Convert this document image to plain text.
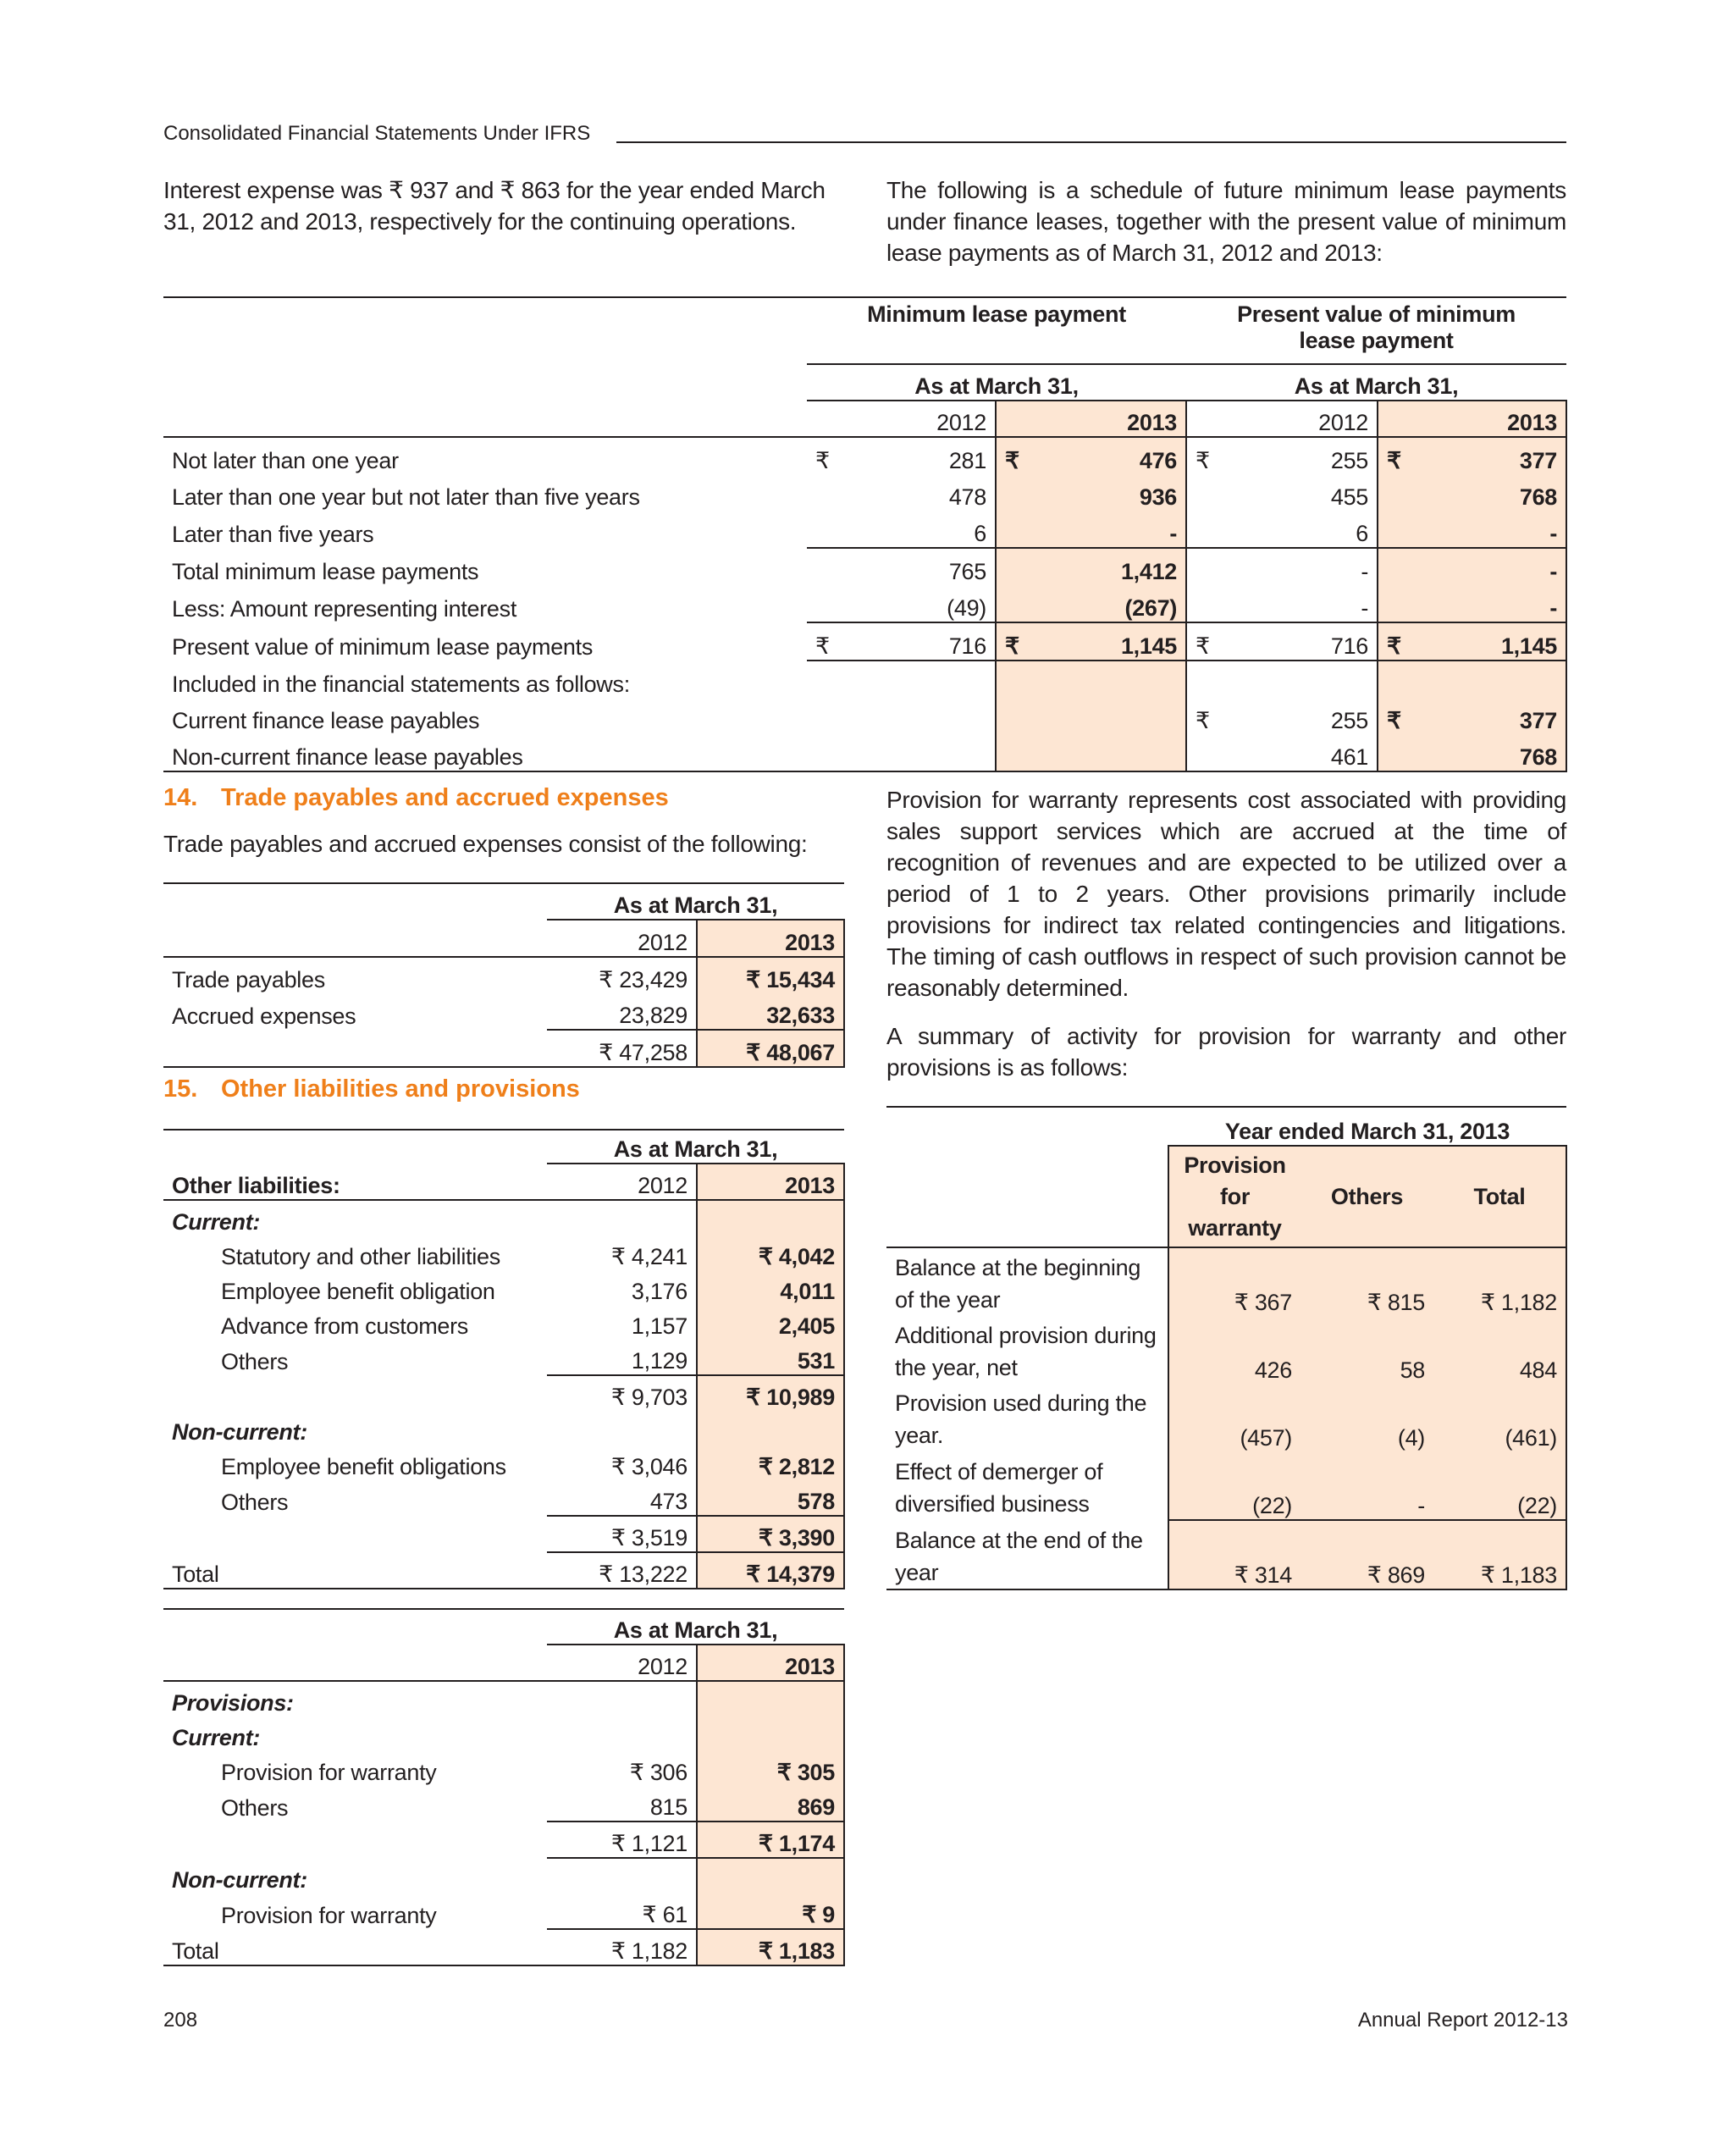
Consolidated Financial Statements Under IFRS
Interest expense was ₹ 937 and ₹ 863 for the year ended March 31, 2012 and 2013, respectively for the continuing operations.
The following is a schedule of future minimum lease payments under finance leases, together with the present value of minimum lease payments as of March 31, 2012 and 2013:
	Minimum lease payment		Present value of minimum lease payment	
	As at March 31,		As at March 31,	
	2012	2013	2012	2013
Not later than one year	₹ 281	₹ 476	₹ 255	₹ 377
Later than one year but not later than five years	478	936	455	768
Later than five years	6	-	6	-
Total minimum lease payments	765	1,412	-	-
Less: Amount representing interest	(49)	(267)	-	-
Present value of minimum lease payments	₹ 716	₹ 1,145	₹ 716	₹ 1,145
Included in the financial statements as follows:				
Current finance lease payables			₹ 255	₹ 377
Non-current finance lease payables			461	768
14. Trade payables and accrued expenses
Trade payables and accrued expenses consist of the following:
	As at March 31,	
	2012	2013
Trade payables	₹ 23,429	₹ 15,434
Accrued expenses	23,829	32,633
	₹ 47,258	₹ 48,067
15. Other liabilities and provisions
	As at March 31,	
Other liabilities:	2012	2013
Current:		
Statutory and other liabilities	₹ 4,241	₹ 4,042
Employee benefit obligation	3,176	4,011
Advance from customers	1,157	2,405
Others	1,129	531
	₹ 9,703	₹ 10,989
Non-current:		
Employee benefit obligations	₹ 3,046	₹ 2,812
Others	473	578
	₹ 3,519	₹ 3,390
Total	₹ 13,222	₹ 14,379
	As at March 31,	
	2012	2013
Provisions:		
Current:		
Provision for warranty	₹ 306	₹ 305
Others	815	869
	₹ 1,121	₹ 1,174
Non-current:		
Provision for warranty	₹ 61	₹ 9
Total	₹ 1,182	₹ 1,183
Provision for warranty represents cost associated with providing sales support services which are accrued at the time of recognition of revenues and are expected to be utilized over a period of 1 to 2 years. Other provisions primarily include provisions for indirect tax related contingencies and litigations. The timing of cash outflows in respect of such provision cannot be reasonably determined.
A summary of activity for provision for warranty and other provisions is as follows:
	Year ended March 31, 2013		
	Provision for warranty	Others	Total
Balance at the beginning of the year	₹ 367	₹ 815	₹ 1,182
Additional provision during the year, net	426	58	484
Provision used during the year.	(457)	(4)	(461)
Effect of demerger of diversified business	(22)	-	(22)
Balance at the end of the year	₹ 314	₹ 869	₹ 1,183
208	Annual Report 2012-13
